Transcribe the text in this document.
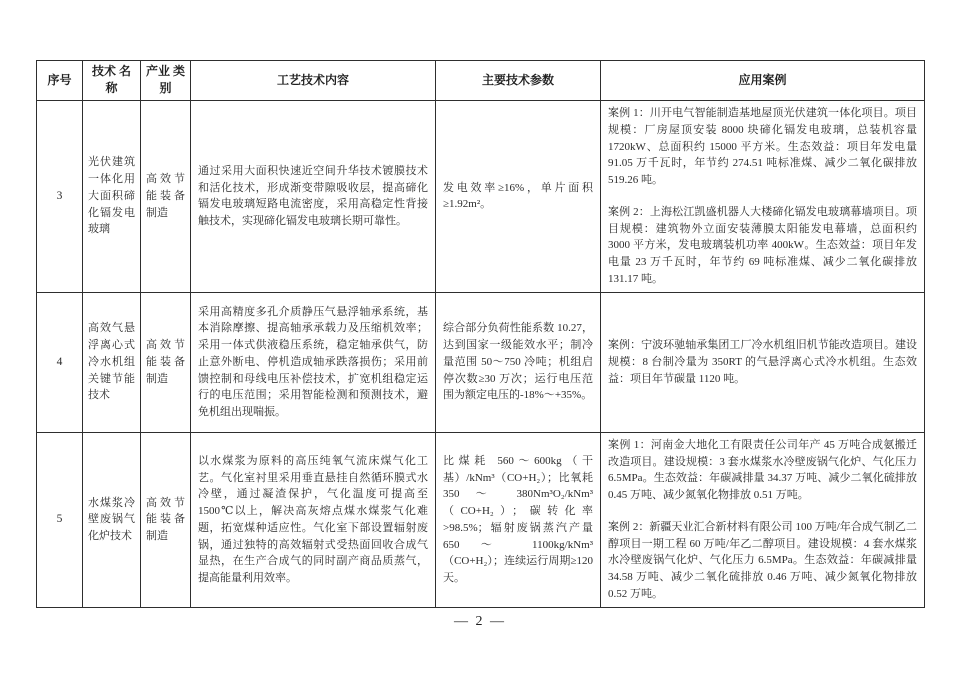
序号	技术 名称	产业 类别	工艺技术内容	主要技术参数	应用案例
3	光伏建筑一体化用大面积碲化镉发电玻璃	高效节能装备制造	通过采用大面积快速近空间升华技术镀膜技术和活化技术，形成渐变带隙吸收层，提高碲化镉发电玻璃短路电流密度，采用高稳定性背接触技术，实现碲化镉发电玻璃长期可靠性。	发电效率≥16%，单片面积≥1.92m²。	案例 1：川开电气智能制造基地屋顶光伏建筑一体化项目。项目规模：厂房屋顶安装 8000 块碲化镉发电玻璃，总装机容量 1720kW、总面积约 15000 平方米。生态效益：项目年发电量 91.05 万千瓦时，年节约 274.51 吨标准煤、减少二氧化碳排放 519.26 吨。

案例 2：上海松江凯盛机器人大楼碲化镉发电玻璃幕墙项目。项目规模：建筑物外立面安装薄膜太阳能发电幕墙，总面积约 3000 平方米，发电玻璃装机功率 400kW。生态效益：项目年发电量 23 万千瓦时，年节约 69 吨标准煤、减少二氧化碳排放 131.17 吨。

4	高效气悬浮离心式冷水机组关键节能技术	高效节能装备制造	采用高精度多孔介质静压气悬浮轴承系统，基本消除摩擦、提高轴承承载力及压缩机效率；采用一体式供液稳压系统，稳定轴承供气，防止意外断电、停机造成轴承跌落损伤；采用前馈控制和母线电压补偿技术，扩宽机组稳定运行的电压范围；采用智能检测和预测技术，避免机组出现喘振。	综合部分负荷性能系数 10.27，达到国家一级能效水平；制冷量范围 50～750 冷吨；机组启停次数≥30 万次；运行电压范围为额定电压的-18%～+35%。	案例：宁波环驰轴承集团工厂冷水机组旧机节能改造项目。建设规模：8 台制冷量为 350RT 的气悬浮离心式冷水机组。生态效益：项目年节碳量 1120 吨。

5	水煤浆冷壁废锅气化炉技术	高效节能装备制造	以水煤浆为原料的高压纯氧气流床煤气化工艺。气化室衬里采用垂直悬挂自然循环膜式水冷壁，通过凝渣保护，气化温度可提高至 1500℃以上，解决高灰熔点煤水煤浆气化难题，拓宽煤种适应性。气化室下部设置辐射废锅，通过独特的高效辐射式受热面回收合成气显热，在生产合成气的同时副产商品质蒸气，提高能量利用效率。	比煤耗 560～600kg（干基）/kNm³（CO+H₂）；比氧耗 350 ～ 380Nm³O₂/kNm³（CO+H₂）；碳转化率>98.5%；辐射废锅蒸汽产量 650 ～ 1100kg/kNm³（CO+H₂）；连续运行周期≥120 天。	案例 1：河南金大地化工有限责任公司年产 45 万吨合成氨搬迁改造项目。建设规模：3 套水煤浆水冷壁废锅气化炉、气化压力 6.5MPa。生态效益：年碳减排量 34.37 万吨、减少二氧化硫排放 0.45 万吨、减少氮氧化物排放 0.51 万吨。

案例 2：新疆天业汇合新材料有限公司 100 万吨/年合成气制乙二醇项目一期工程 60 万吨/年乙二醇项目。建设规模：4 套水煤浆水冷壁废锅气化炉、气化压力 6.5MPa。生态效益：年碳减排量 34.58 万吨、减少二氧化硫排放 0.46 万吨、减少氮氧化物排放 0.52 万吨。

— 2 —
